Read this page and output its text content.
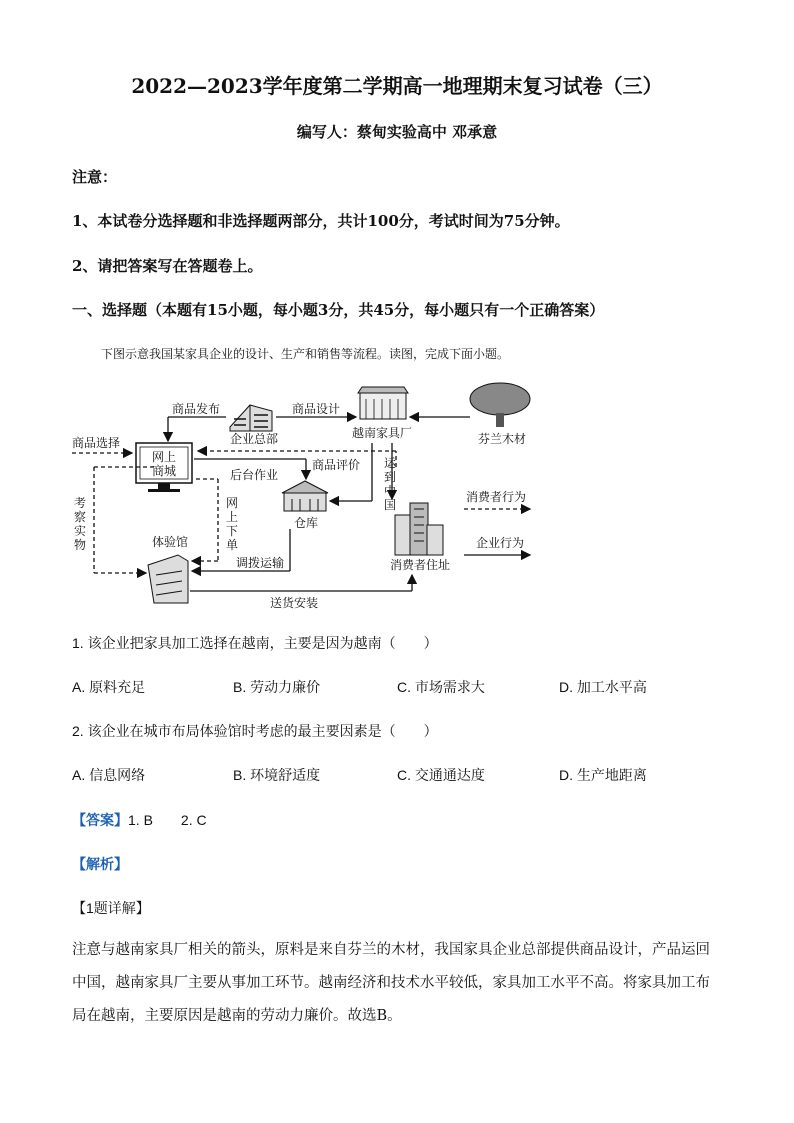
2022—2023学年度第二学期高一地理期末复习试卷（三）
编写人：蔡甸实验高中 邓承意
注意：
1、本试卷分选择题和非选择题两部分，共计100分，考试时间为75分钟。
2、请把答案写在答题卷上。
一、选择题（本题有15小题，每小题3分，共45分，每小题只有一个正确答案）
下图示意我国某家具企业的设计、生产和销售等流程。读图，完成下面小题。
网上
商城
企业总部	越南家具厂	芬兰木材
仓库
消费者住址
体验馆
商品发布	商品设计
商品选择
后台作业
商品评价 运
到
中
国
网
上
下
单
考
察
实
物
调拨运输
送货安装
消费者行为
企业行为
1. 该企业把家具加工选择在越南，主要是因为越南（　　）
A. 原料充足	B. 劳动力廉价	C. 市场需求大	D. 加工水平高
2. 该企业在城市布局体验馆时考虑的最主要因素是（　　）
A. 信息网络	B. 环境舒适度	C. 交通通达度	D. 生产地距离
【答案】1. B　　2. C
【解析】
【1题详解】
注意与越南家具厂相关的箭头，原料是来自芬兰的木材，我国家具企业总部提供商品设计，产品运回中国，越南家具厂主要从事加工环节。越南经济和技术水平较低，家具加工水平不高。将家具加工布局在越南，主要原因是越南的劳动力廉价。故选B。
